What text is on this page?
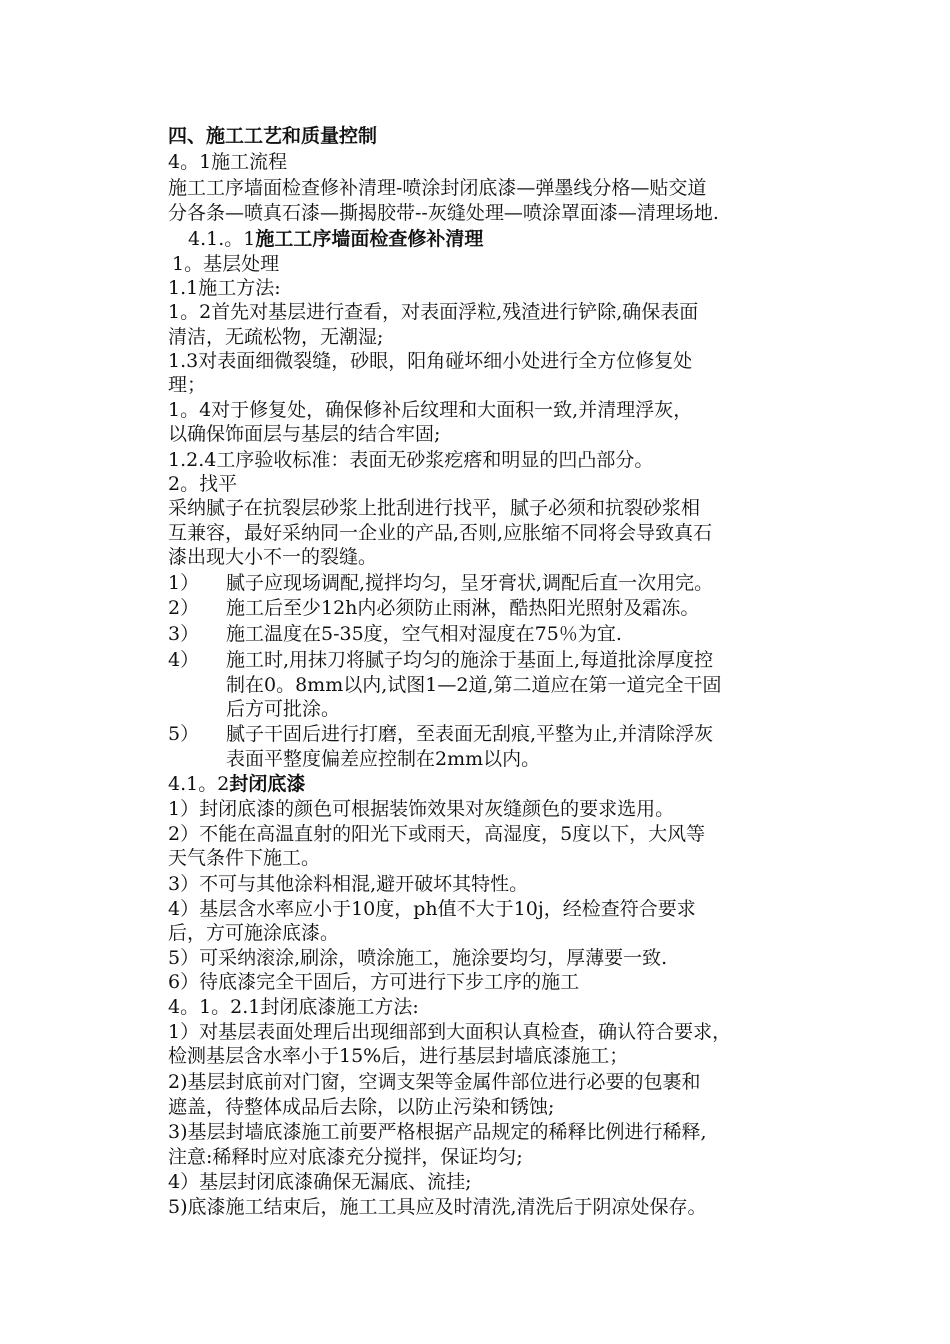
四、施工工艺和质量控制
4。1施工流程
施工工序墙面检查修补清理-喷涂封闭底漆—弹墨线分格—贴交道
分各条—喷真石漆—撕揭胶带--灰缝处理—喷涂罩面漆—清理场地.
4.1.。1施工工序墙面检查修补清理
1。基层处理
1.1施工方法:
1。2首先对基层进行查看，对表面浮粒,残渣进行铲除,确保表面
清洁，无疏松物，无潮湿;
1.3对表面细微裂缝，砂眼，阳角碰坏细小处进行全方位修复处
理；
1。4对于修复处，确保修补后纹理和大面积一致,并清理浮灰，
以确保饰面层与基层的结合牢固;
1.2.4工序验收标准：表面无砂浆疙瘩和明显的凹凸部分。
2。找平
采纳腻子在抗裂层砂浆上批刮进行找平，腻子必须和抗裂砂浆相
互兼容，最好采纳同一企业的产品,否则,应胀缩不同将会导致真石
漆出现大小不一的裂缝。
1）	腻子应现场调配,搅拌均匀，呈牙膏状,调配后直一次用完。
2）	施工后至少12h内必须防止雨淋，酷热阳光照射及霜冻。
3）	施工温度在5-35度，空气相对湿度在75％为宜.
4）	施工时,用抹刀将腻子均匀的施涂于基面上,每道批涂厚度控
制在0。8mm以内,试图1—2道,第二道应在第一道完全干固
后方可批涂。
5）	腻子干固后进行打磨，至表面无刮痕,平整为止,并清除浮灰
表面平整度偏差应控制在2mm以内。
4.1。2封闭底漆
1）封闭底漆的颜色可根据装饰效果对灰缝颜色的要求选用。
2）不能在高温直射的阳光下或雨天，高湿度，5度以下，大风等
天气条件下施工。
3）不可与其他涂料相混,避开破坏其特性。
4）基层含水率应小于10度，ph值不大于10j，经检查符合要求
后，方可施涂底漆。
5）可采纳滚涂,刷涂，喷涂施工，施涂要均匀，厚薄要一致.
6）待底漆完全干固后，方可进行下步工序的施工
4。1。2.1封闭底漆施工方法:
1）对基层表面处理后出现细部到大面积认真检查，确认符合要求，
检测基层含水率小于15%后，进行基层封墙底漆施工；
2)基层封底前对门窗，空调支架等金属件部位进行必要的包裹和
遮盖，待整体成品后去除，以防止污染和锈蚀;
3)基层封墙底漆施工前要严格根据产品规定的稀释比例进行稀释,
注意:稀释时应对底漆充分搅拌，保证均匀;
4）基层封闭底漆确保无漏底、流挂;
5)底漆施工结束后，施工工具应及时清洗,清洗后于阴凉处保存。
